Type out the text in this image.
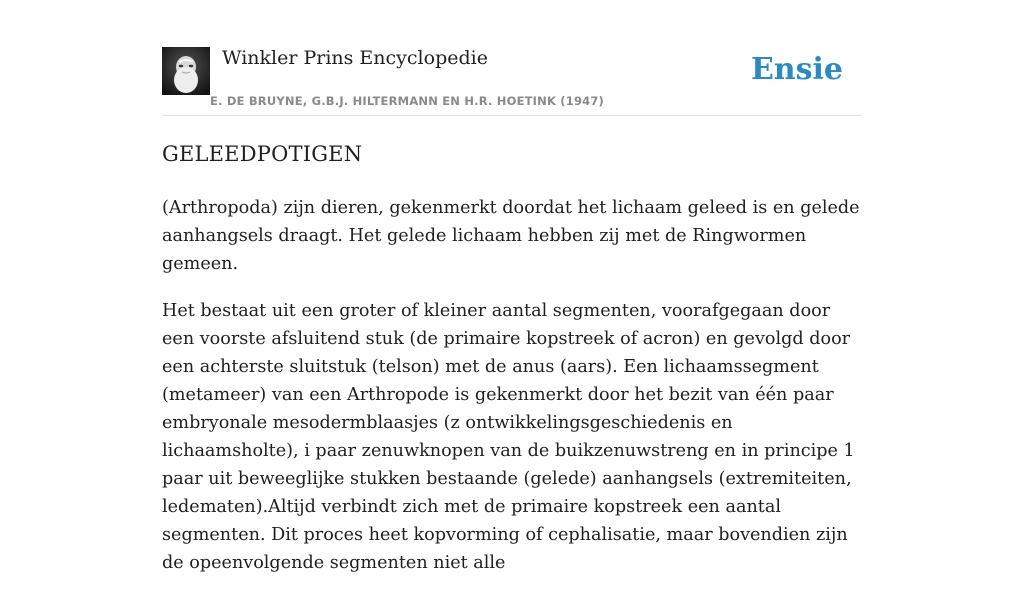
Winkler Prins Encyclopedie
E. DE BRUYNE, G.B.J. HILTERMANN EN H.R. HOETINK (1947)
Ensie
GELEEDPOTIGEN

(Arthropoda) zijn dieren, gekenmerkt doordat het lichaam geleed is en gelede aanhangsels draagt. Het gelede lichaam hebben zij met de Ringwormen gemeen.

Het bestaat uit een groter of kleiner aantal segmenten, voorafgegaan door een voorste afsluitend stuk (de primaire kopstreek of acron) en gevolgd door een achterste sluitstuk (telson) met de anus (aars). Een lichaamssegment (metameer) van een Arthropode is gekenmerkt door het bezit van één paar embryonale mesodermblaasjes (z ontwikkelingsgeschiedenis en lichaamsholte), i paar zenuwknopen van de buikzenuwstreng en in principe 1 paar uit beweeglijke stukken bestaande (gelede) aanhangsels (extremiteiten, ledematen).Altijd verbindt zich met de primaire kopstreek een aantal segmenten. Dit proces heet kopvorming of cephalisatie, maar bovendien zijn de opeenvolgende segmenten niet alle
